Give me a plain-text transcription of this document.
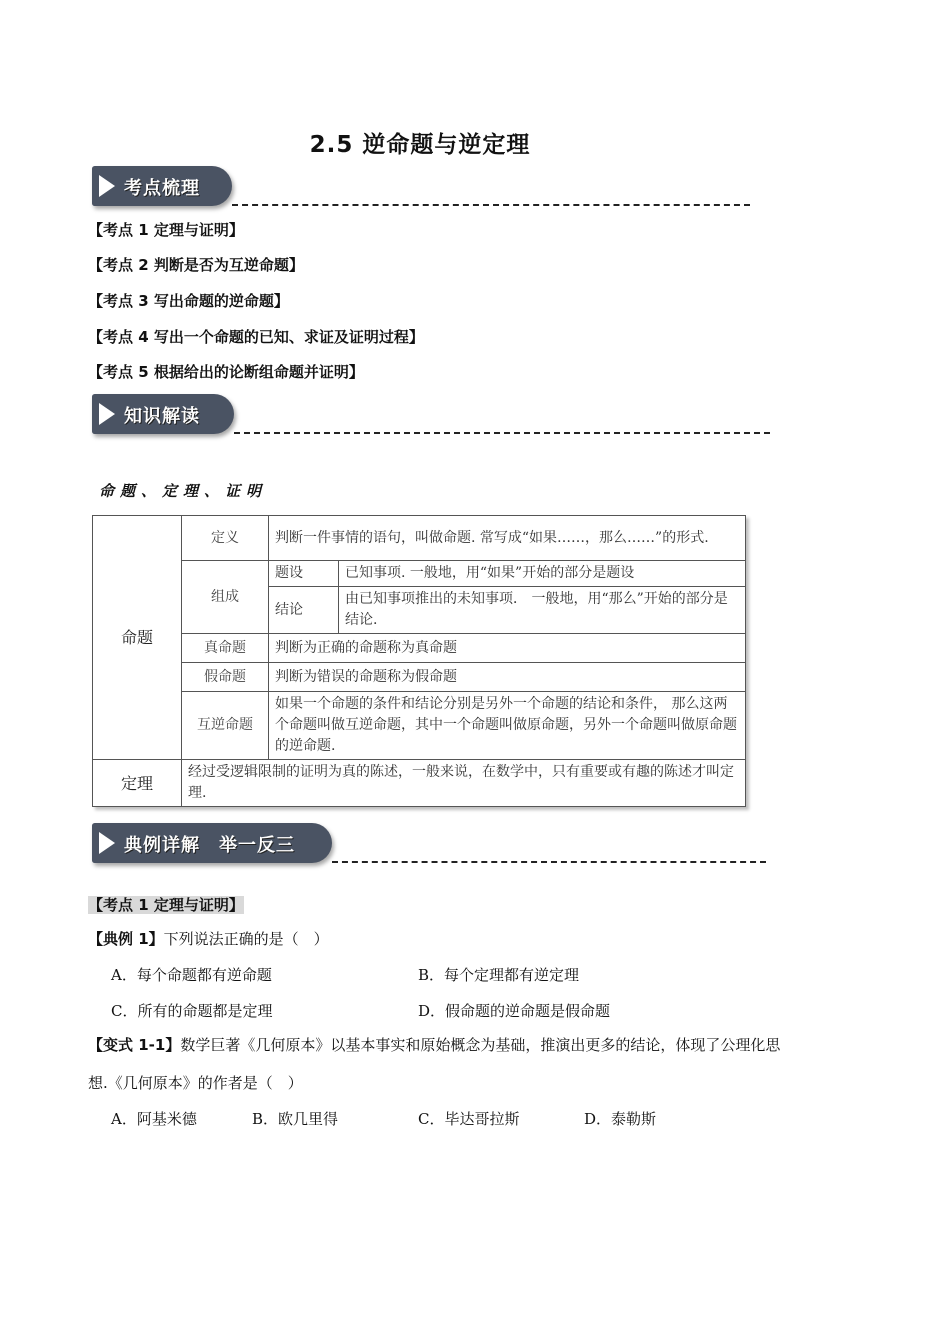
2.5 逆命题与逆定理
考点梳理
【考点 1 定理与证明】
【考点 2 判断是否为互逆命题】
【考点 3 写出命题的逆命题】
【考点 4 写出一个命题的已知、求证及证明过程】
【考点 5 根据给出的论断组命题并证明】
知识解读
命题、定理、证明
命题	定义	判断一件事情的语句，叫做命题. 常写成“如果……，那么……”的形式.	
	组成	题设	已知事项. 一般地，用“如果”开始的部分是题设
		结论	由已知事项推出的未知事项． 一般地，用“那么”开始的部分是结论.
	真命题	判断为正确的命题称为真命题	
	假命题	判断为错误的命题称为假命题	
	互逆命题	如果一个命题的条件和结论分别是另外一个命题的结论和条件， 那么这两个命题叫做互逆命题，其中一个命题叫做原命题，另外一个命题叫做原命题的逆命题.	

定理	经过受逻辑限制的证明为真的陈述，一般来说，在数学中，只有重要或有趣的陈述才叫定理.		
典例详解　举一反三
【考点 1 定理与证明】
【典例 1】下列说法正确的是（　）
A．每个命题都有逆命题	B．每个定理都有逆定理
C．所有的命题都是定理	D．假命题的逆命题是假命题
【变式 1-1】数学巨著《几何原本》以基本事实和原始概念为基础，推演出更多的结论，体现了公理化思
想.《几何原本》的作者是（　）
A．阿基米德	B．欧几里得	C．毕达哥拉斯	D．泰勒斯
